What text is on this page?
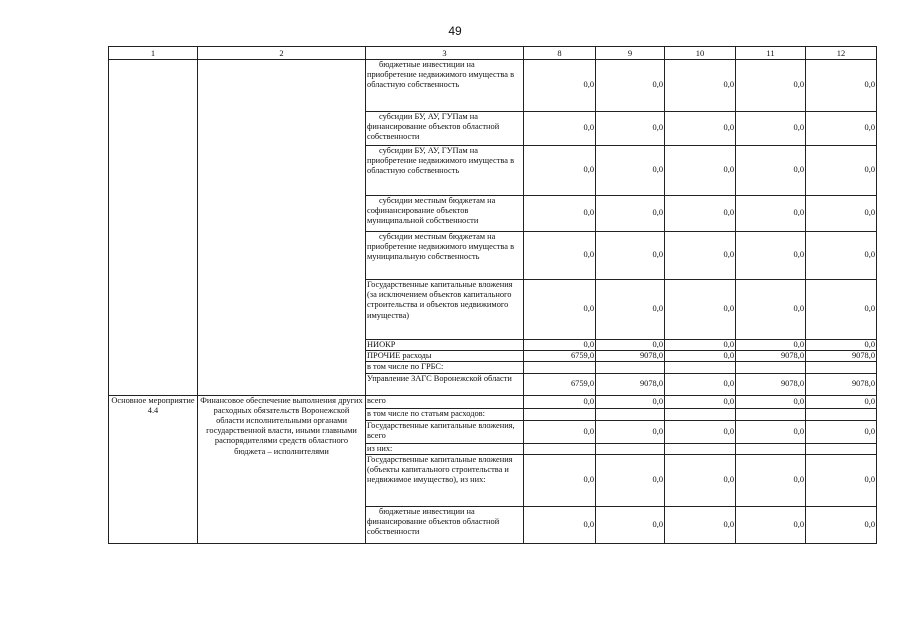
49
1	2	3	8	9	10	11	12
		бюджетные инвестиции на приобретение недвижимого имущества в областную собственность	0,0	0,0	0,0	0,0	0,0
		субсидии БУ, АУ, ГУПам на финансирование объектов областной собственности	0,0	0,0	0,0	0,0	0,0
		субсидии БУ, АУ, ГУПам на приобретение недвижимого имущества в областную собственность	0,0	0,0	0,0	0,0	0,0
		субсидии местным бюджетам на софинансирование объектов муниципальной собственности	0,0	0,0	0,0	0,0	0,0
		субсидии местным бюджетам на приобретение недвижимого имущества в муниципальную собственность	0,0	0,0	0,0	0,0	0,0
		Государственные капитальные вложения (за исключением объектов капитального строительства и объектов недвижимого имущества)	0,0	0,0	0,0	0,0	0,0
		НИОКР	0,0	0,0	0,0	0,0	0,0
		ПРОЧИЕ расходы	6759,0	9078,0	0,0	9078,0	9078,0
		в том числе по ГРБС:					
		Управление ЗАГС Воронежской области	6759,0	9078,0	0,0	9078,0	9078,0
Основное мероприятие 4.4	Финансовое обеспечение выполнения других расходных обязательств Воронежской области исполнительными органами государственной власти, иными главными распорядителями средств областного бюджета – исполнителями	всего	0,0	0,0	0,0	0,0	0,0
		в том числе по статьям расходов:					
		Государственные капитальные вложения, всего	0,0	0,0	0,0	0,0	0,0
		из них:					
		Государственные капитальные вложения (объекты капитального строительства и недвижимое имущество), из них:	0,0	0,0	0,0	0,0	0,0
		бюджетные инвестиции на финансирование объектов областной собственности	0,0	0,0	0,0	0,0	0,0
